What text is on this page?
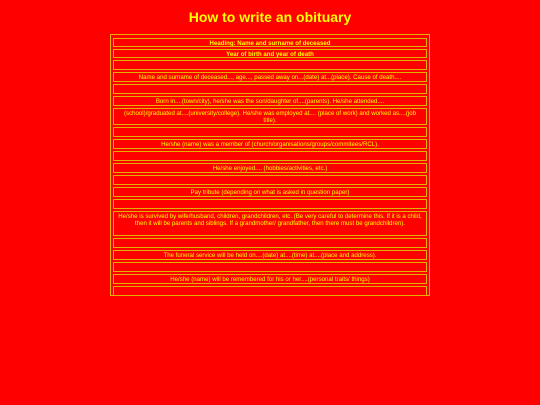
How to write an obituary
Heading: Name and surname of deceased
Year of birth and year of death
Name and surname of deceased..., age..., passed away on...(date) at...(place). Cause of death....
Born in....(town/city), he/she was the son/daughter of....(parents). He/she attended....
(school)/graduated at....(university/college). He/she was employed at.... (place of work) and worked as....(job title).
He/she (name) was a member of (church/organisations/groups/commitees/RCL).
He/she enjoyed.... (hobbies/activities, etc.)
Pay tribute (depending on what is asked in question paper)
He/she is survived by wife/husband, children, grandchildren, etc. (Be very careful to determine this. If it is a child, then it will be parents and siblings. If a grandmother/ grandfather, then there must be grandchildren).
The funeral service will be held on....(date) at....(time) at....(place and address).
He/she (name) will be remembered for his or her....(personal traits/ things)
